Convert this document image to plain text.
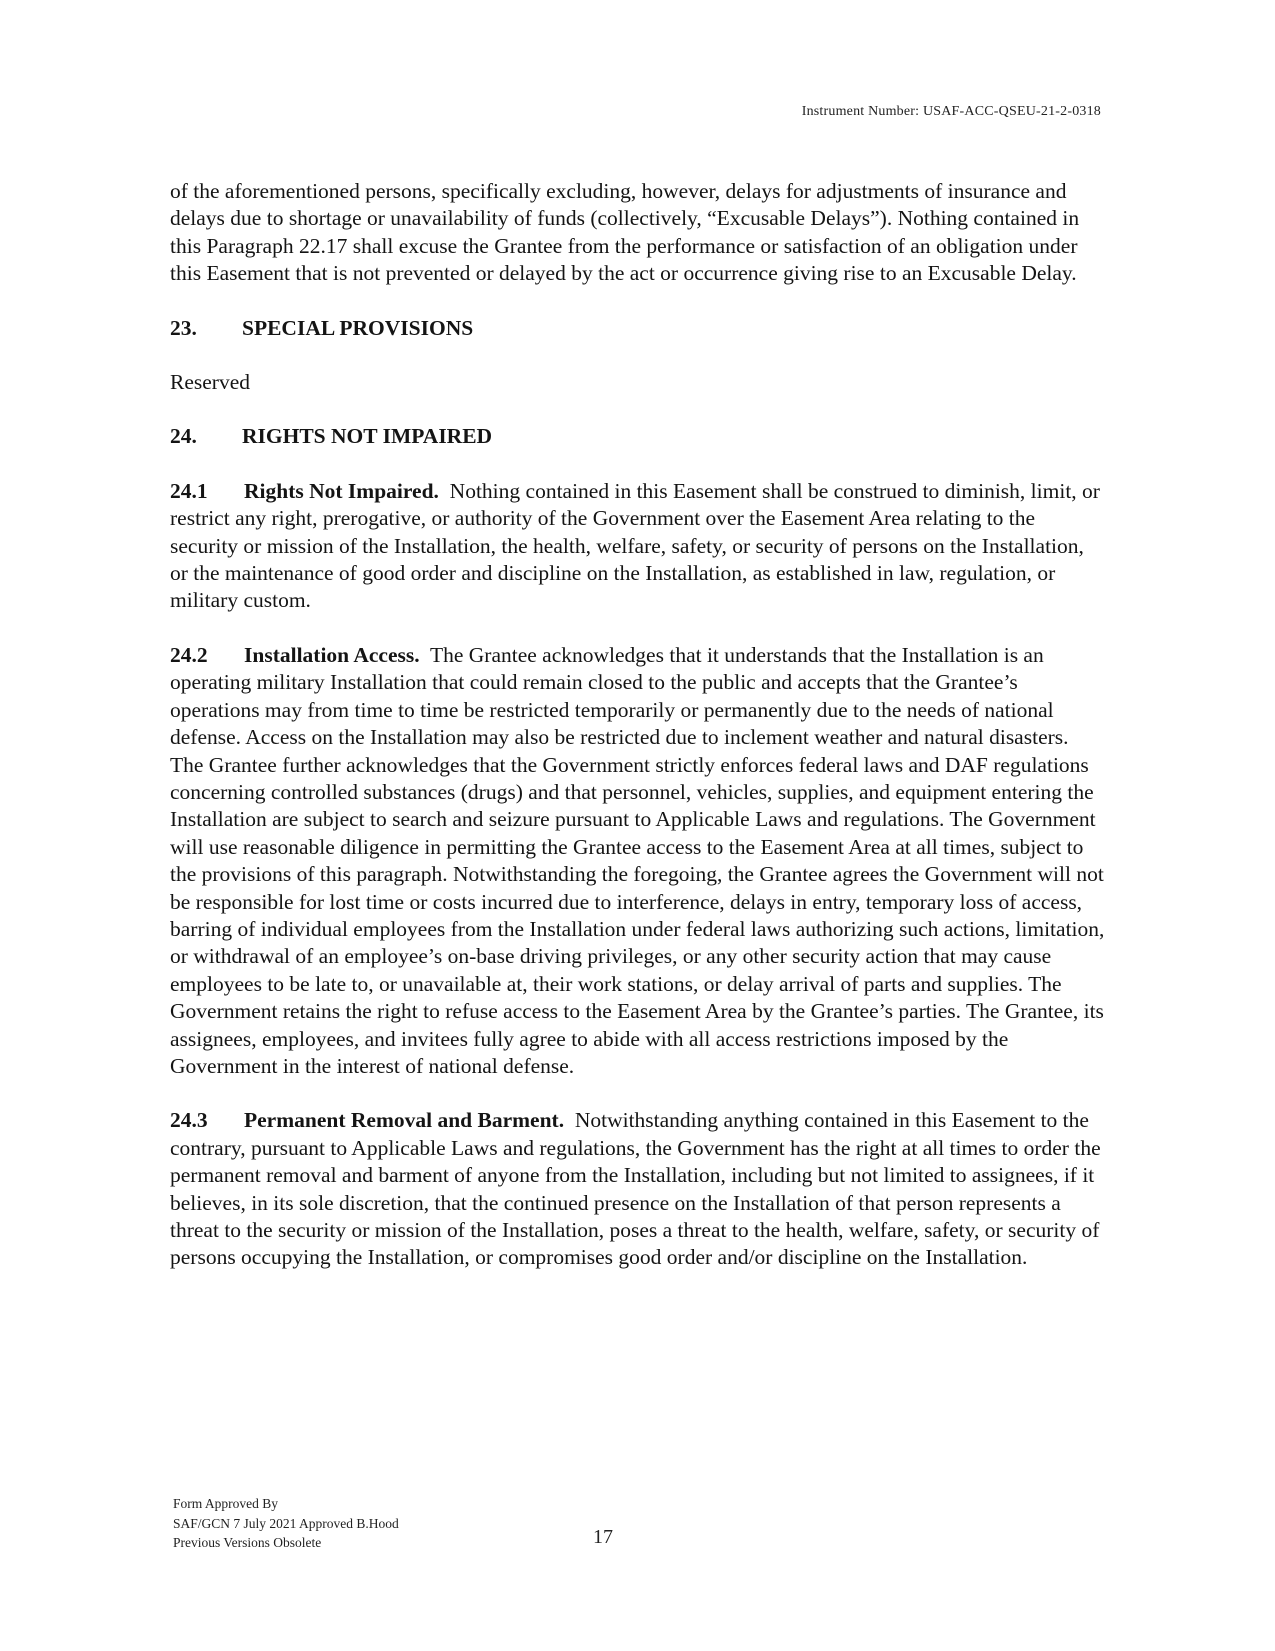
Instrument Number: USAF-ACC-QSEU-21-2-0318

of the aforementioned persons, specifically excluding, however, delays for adjustments of insurance and delays due to shortage or unavailability of funds (collectively, “Excusable Delays”). Nothing contained in this Paragraph 22.17 shall excuse the Grantee from the performance or satisfaction of an obligation under this Easement that is not prevented or delayed by the act or occurrence giving rise to an Excusable Delay.

23. SPECIAL PROVISIONS

Reserved

24. RIGHTS NOT IMPAIRED

24.1 Rights Not Impaired. Nothing contained in this Easement shall be construed to diminish, limit, or restrict any right, prerogative, or authority of the Government over the Easement Area relating to the security or mission of the Installation, the health, welfare, safety, or security of persons on the Installation, or the maintenance of good order and discipline on the Installation, as established in law, regulation, or military custom.

24.2 Installation Access. The Grantee acknowledges that it understands that the Installation is an operating military Installation that could remain closed to the public and accepts that the Grantee’s operations may from time to time be restricted temporarily or permanently due to the needs of national defense. Access on the Installation may also be restricted due to inclement weather and natural disasters. The Grantee further acknowledges that the Government strictly enforces federal laws and DAF regulations concerning controlled substances (drugs) and that personnel, vehicles, supplies, and equipment entering the Installation are subject to search and seizure pursuant to Applicable Laws and regulations. The Government will use reasonable diligence in permitting the Grantee access to the Easement Area at all times, subject to the provisions of this paragraph. Notwithstanding the foregoing, the Grantee agrees the Government will not be responsible for lost time or costs incurred due to interference, delays in entry, temporary loss of access, barring of individual employees from the Installation under federal laws authorizing such actions, limitation, or withdrawal of an employee’s on-base driving privileges, or any other security action that may cause employees to be late to, or unavailable at, their work stations, or delay arrival of parts and supplies. The Government retains the right to refuse access to the Easement Area by the Grantee’s parties. The Grantee, its assignees, employees, and invitees fully agree to abide with all access restrictions imposed by the Government in the interest of national defense.

24.3 Permanent Removal and Barment. Notwithstanding anything contained in this Easement to the contrary, pursuant to Applicable Laws and regulations, the Government has the right at all times to order the permanent removal and barment of anyone from the Installation, including but not limited to assignees, if it believes, in its sole discretion, that the continued presence on the Installation of that person represents a threat to the security or mission of the Installation, poses a threat to the health, welfare, safety, or security of persons occupying the Installation, or compromises good order and/or discipline on the Installation.

Form Approved By
SAF/GCN 7 July 2021 Approved B.Hood
Previous Versions Obsolete	17
